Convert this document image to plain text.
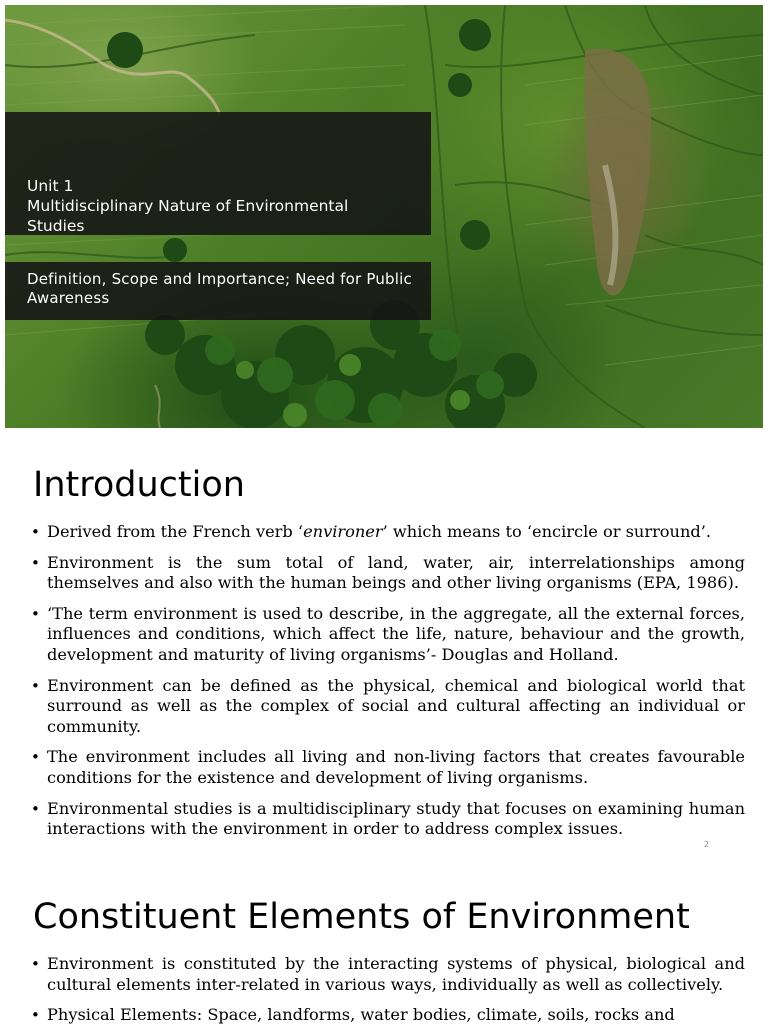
Unit 1
Multidisciplinary Nature of Environmental Studies
Definition, Scope and Importance; Need for Public Awareness
Introduction
• Derived from the French verb ‘environer’ which means to ‘encircle or surround’.
• Environment is the sum total of land, water, air, interrelationships among themselves and also with the human beings and other living organisms (EPA, 1986).
• ‘The term environment is used to describe, in the aggregate, all the external forces, influences and conditions, which affect the life, nature, behaviour and the growth, development and maturity of living organisms’- Douglas and Holland.
• Environment can be defined as the physical, chemical and biological world that surround as well as the complex of social and cultural affecting an individual or community.
• The environment includes all living and non-living factors that creates favourable conditions for the existence and development of living organisms.
• Environmental studies is a multidisciplinary study that focuses on examining human interactions with the environment in order to address complex issues.
2
Constituent Elements of Environment
• Environment is constituted by the interacting systems of physical, biological and cultural elements inter-related in various ways, individually as well as collectively.
• Physical Elements: Space, landforms, water bodies, climate, soils, rocks and
